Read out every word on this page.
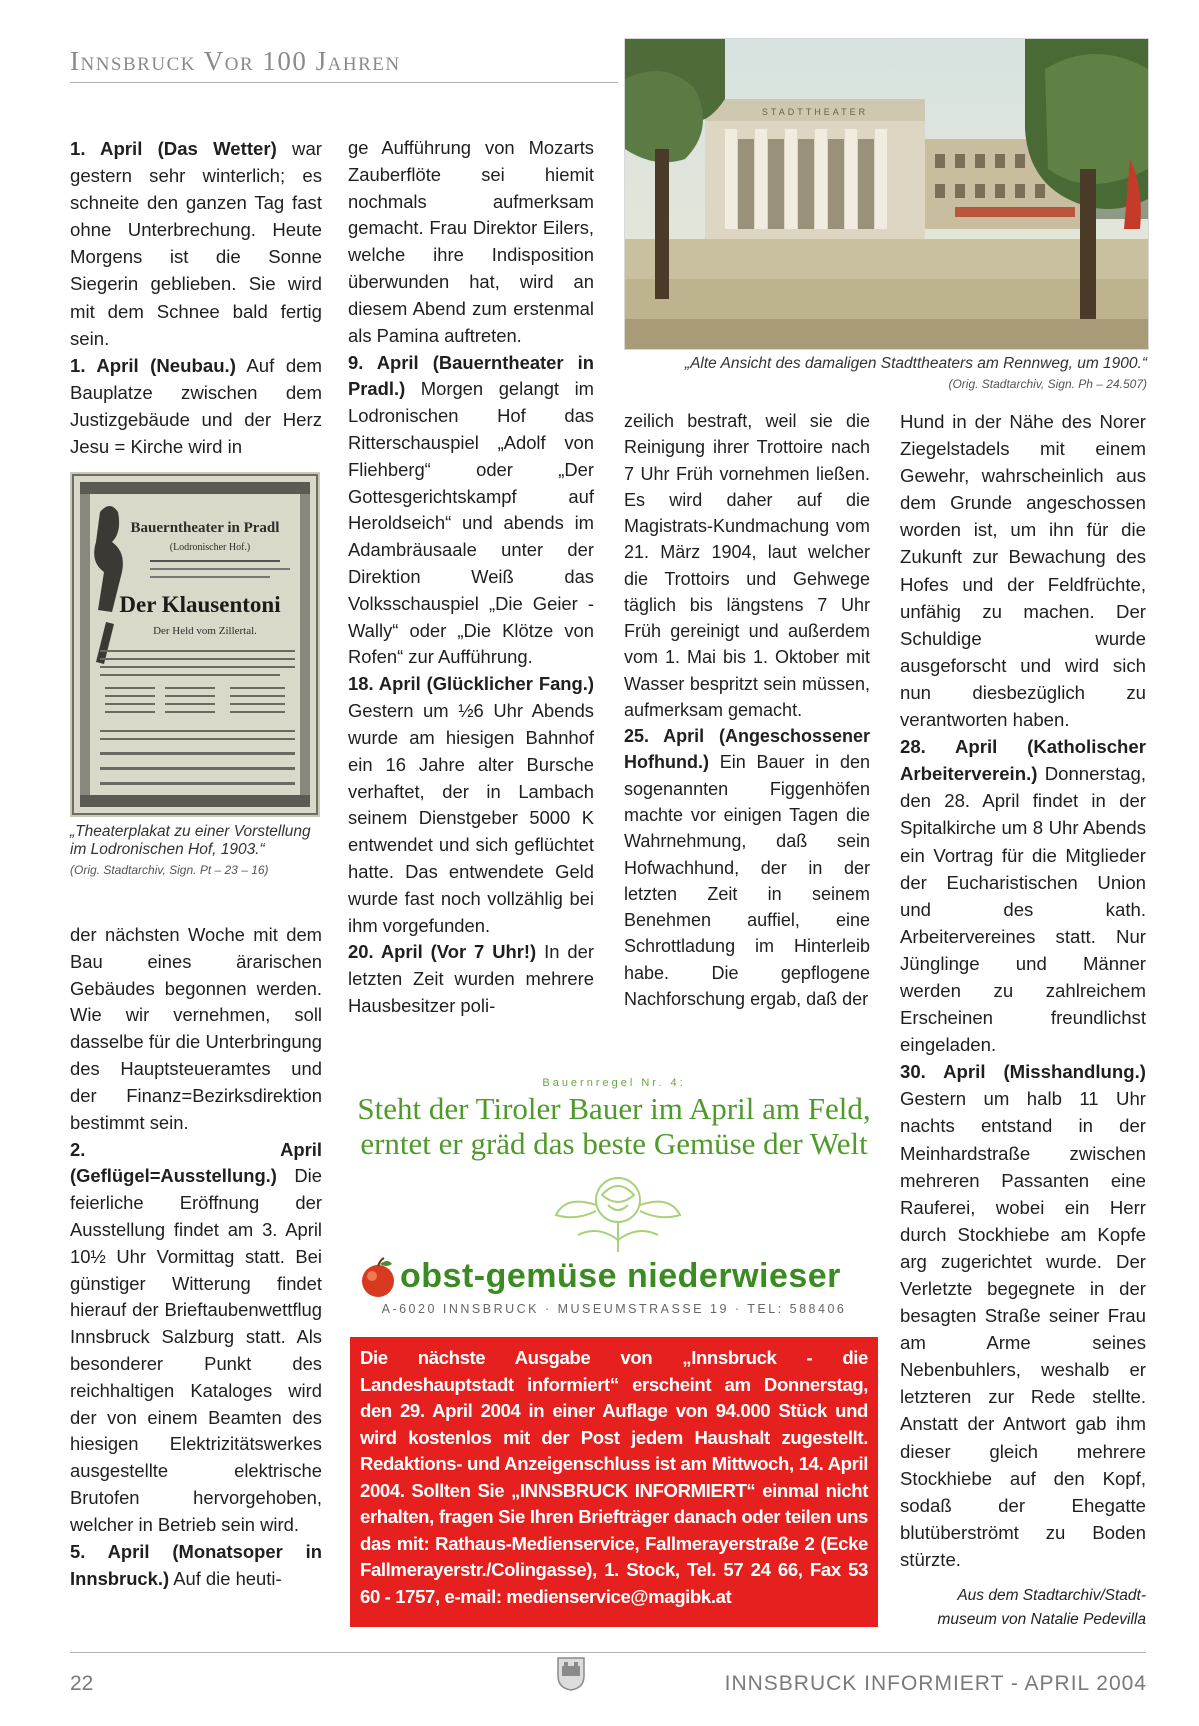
Innsbruck Vor 100 Jahren

1. April (Das Wetter) war gestern sehr winterlich; es schneite den ganzen Tag fast ohne Unterbrechung. Heute Morgens ist die Sonne Siegerin geblieben. Sie wird mit dem Schnee bald fertig sein.

1. April (Neubau.) Auf dem Bauplatze zwischen dem Justizgebäude und der Herz Jesu = Kirche wird in

Bauerntheater in Pradl
(Lodronischer Hof.)
Der Klausentoni
Der Held vom Zillertal.
„Theaterplakat zu einer Vorstellung im Lodronischen Hof, 1903.“
(Orig. Stadtarchiv, Sign. Pt – 23 – 16)

der nächsten Woche mit dem Bau eines ärarischen Gebäudes begonnen werden. Wie wir vernehmen, soll dasselbe für die Unterbringung des Hauptsteueramtes und der Finanz=Bezirksdirektion bestimmt sein.

2. April (Geflügel=Ausstellung.) Die feierliche Eröffnung der Ausstellung findet am 3. April 10½ Uhr Vormittag statt. Bei günstiger Witterung findet hierauf der Brieftaubenwettflug Innsbruck Salzburg statt. Als besonderer Punkt des reichhaltigen Kataloges wird der von einem Beamten des hiesigen Elektrizitätswerkes ausgestellte elektrische Brutofen hervorgehoben, welcher in Betrieb sein wird.

5. April (Monatsoper in Innsbruck.) Auf die heuti-

ge Aufführung von Mozarts Zauberflöte sei hiemit nochmals aufmerksam gemacht. Frau Direktor Eilers, welche ihre Indisposition überwunden hat, wird an diesem Abend zum erstenmal als Pamina auftreten.

9. April (Bauerntheater in Pradl.) Morgen gelangt im Lodronischen Hof das Ritterschauspiel „Adolf von Fliehberg“ oder „Der Gottesgerichtskampf auf Heroldseich“ und abends im Adambräusaale unter der Direktion Weiß das Volksschauspiel „Die Geier -Wally“ oder „Die Klötze von Rofen“ zur Aufführung.

18. April (Glücklicher Fang.) Gestern um ½6 Uhr Abends wurde am hiesigen Bahnhof ein 16 Jahre alter Bursche verhaftet, der in Lambach seinem Dienstgeber 5000 K entwendet und sich geflüchtet hatte. Das entwendete Geld wurde fast noch vollzählig bei ihm vorgefunden.

20. April (Vor 7 Uhr!) In der letzten Zeit wurden mehrere Hausbesitzer poli-

STADTTHEATER
„Alte Ansicht des damaligen Stadttheaters am Rennweg, um 1900.“
(Orig. Stadtarchiv, Sign. Ph – 24.507)

zeilich bestraft, weil sie die Reinigung ihrer Trottoire nach 7 Uhr Früh vornehmen ließen. Es wird daher auf die Magistrats-Kundmachung vom 21. März 1904, laut welcher die Trottoirs und Gehwege täglich bis längstens 7 Uhr Früh gereinigt und außerdem vom 1. Mai bis 1. Oktober mit Wasser bespritzt sein müssen, aufmerksam gemacht.

25. April (Angeschossener Hofhund.) Ein Bauer in den sogenannten Figgenhöfen machte vor einigen Tagen die Wahrnehmung, daß sein Hofwachhund, der in der letzten Zeit in seinem Benehmen auffiel, eine Schrottladung im Hinterleib habe. Die gepflogene Nachforschung ergab, daß der

Hund in der Nähe des Norer Ziegelstadels mit einem Gewehr, wahrscheinlich aus dem Grunde angeschossen worden ist, um ihn für die Zukunft zur Bewachung des Hofes und der Feldfrüchte, unfähig zu machen. Der Schuldige wurde ausgeforscht und wird sich nun diesbezüglich zu verantworten haben.

28. April (Katholischer Arbeiterverein.) Donnerstag, den 28. April findet in der Spitalkirche um 8 Uhr Abends ein Vortrag für die Mitglieder der Eucharistischen Union und des kath. Arbeitervereines statt. Nur Jünglinge und Männer werden zu zahlreichem Erscheinen freundlichst eingeladen.

30. April (Misshandlung.) Gestern um halb 11 Uhr nachts entstand in der Meinhardstraße zwischen mehreren Passanten eine Rauferei, wobei ein Herr durch Stockhiebe am Kopfe arg zugerichtet wurde. Der Verletzte begegnete in der besagten Straße seiner Frau am Arme seines Nebenbuhlers, weshalb er letzteren zur Rede stellte. Anstatt der Antwort gab ihm dieser gleich mehrere Stockhiebe auf den Kopf, sodaß der Ehegatte blutüberströmt zu Boden stürzte.

Bauernregel Nr. 4:
Steht der Tiroler Bauer im April am Feld,
erntet er gräd das beste Gemüse der Welt
obst-gemüse niederwieser
A-6020 INNSBRUCK · MUSEUMSTRASSE 19 · TEL: 588406
Die nächste Ausgabe von „Innsbruck - die Landeshauptstadt informiert“ erscheint am Donnerstag, den 29. April 2004 in einer Auflage von 94.000 Stück und wird kostenlos mit der Post jedem Haushalt zugestellt. Redaktions- und Anzeigenschluss ist am Mittwoch, 14. April 2004. Sollten Sie „INNSBRUCK INFORMIERT“ einmal nicht erhalten, fragen Sie Ihren Briefträger danach oder teilen uns das mit: Rathaus-Medienservice, Fallmerayerstraße 2 (Ecke Fallmerayerstr./Colingasse), 1. Stock, Tel. 57 24 66, Fax 53 60 - 1757, e-mail: medienservice@magibk.at	Aus dem Stadtarchiv/Stadt-
museum von Natalie Pedevilla
22	INNSBRUCK INFORMIERT - APRIL 2004
